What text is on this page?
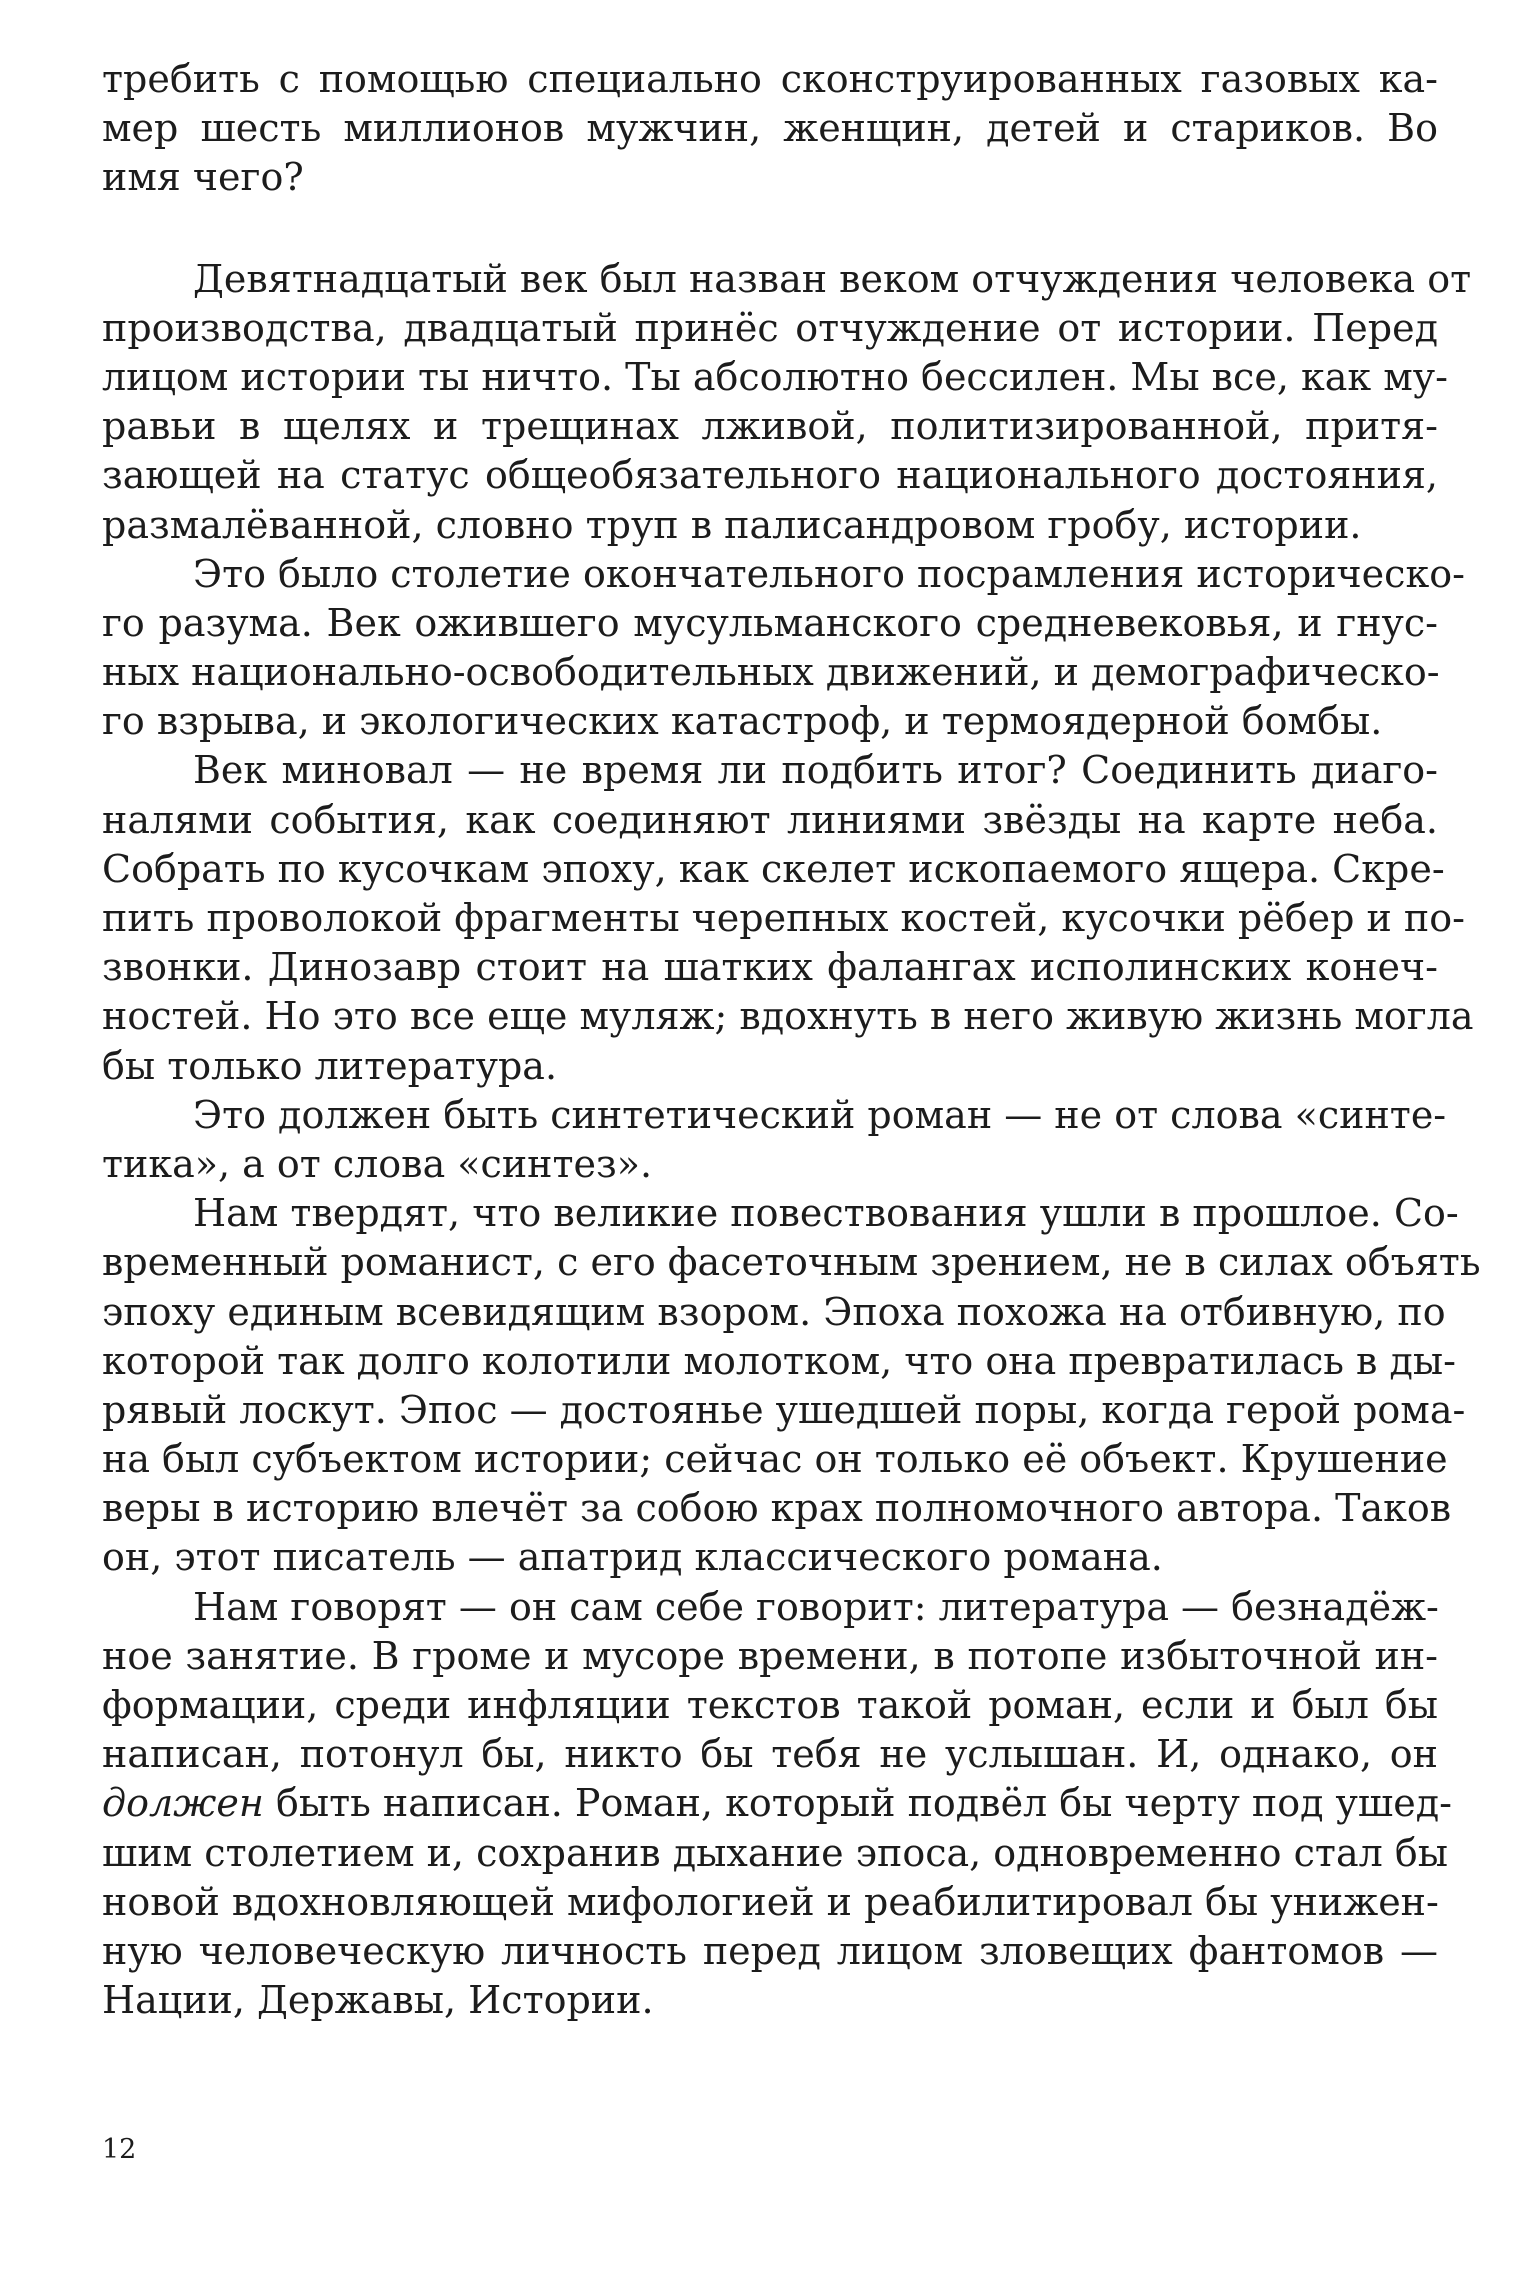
требить с помощью специально сконструированных газовых ка-
мер шесть миллионов мужчин, женщин, детей и стариков. Во
имя чего?
Девятнадцатый век был назван веком отчуждения человека от
производства, двадцатый принёс отчуждение от истории. Перед
лицом истории ты ничто. Ты абсолютно бессилен. Мы все, как му-
равьи в щелях и трещинах лживой, политизированной, притя-
зающей на статус общеобязательного национального достояния,
размалёванной, словно труп в палисандровом гробу, истории.
Это было столетие окончательного посрамления историческо-
го разума. Век ожившего мусульманского средневековья, и гнус-
ных национально-освободительных движений, и демографическо-
го взрыва, и экологических катастроф, и термоядерной бомбы.
Век миновал — не время ли подбить итог? Соединить диаго-
налями события, как соединяют линиями звёзды на карте неба.
Собрать по кусочкам эпоху, как скелет ископаемого ящера. Скре-
пить проволокой фрагменты черепных костей, кусочки рёбер и по-
звонки. Динозавр стоит на шатких фалангах исполинских конеч-
ностей. Но это все еще муляж; вдохнуть в него живую жизнь могла
бы только литература.
Это должен быть синтетический роман — не от слова «синте-
тика», а от слова «синтез».
Нам твердят, что великие повествования ушли в прошлое. Со-
временный романист, с его фасеточным зрением, не в силах объять
эпоху единым всевидящим взором. Эпоха похожа на отбивную, по
которой так долго колотили молотком, что она превратилась в ды-
рявый лоскут. Эпос — достоянье ушедшей поры, когда герой рома-
на был субъектом истории; сейчас он только её объект. Крушение
веры в историю влечёт за собою крах полномочного автора. Таков
он, этот писатель — апатрид классического романа.
Нам говорят — он сам себе говорит: литература — безнадёж-
ное занятие. В громе и мусоре времени, в потопе избыточной ин-
формации, среди инфляции текстов такой роман, если и был бы
написан, потонул бы, никто бы тебя не услышан. И, однако, он
должен быть написан. Роман, который подвёл бы черту под ушед-
шим столетием и, сохранив дыхание эпоса, одновременно стал бы
новой вдохновляющей мифологией и реабилитировал бы унижен-
ную человеческую личность перед лицом зловещих фантомов —
Нации, Державы, Истории.
12
